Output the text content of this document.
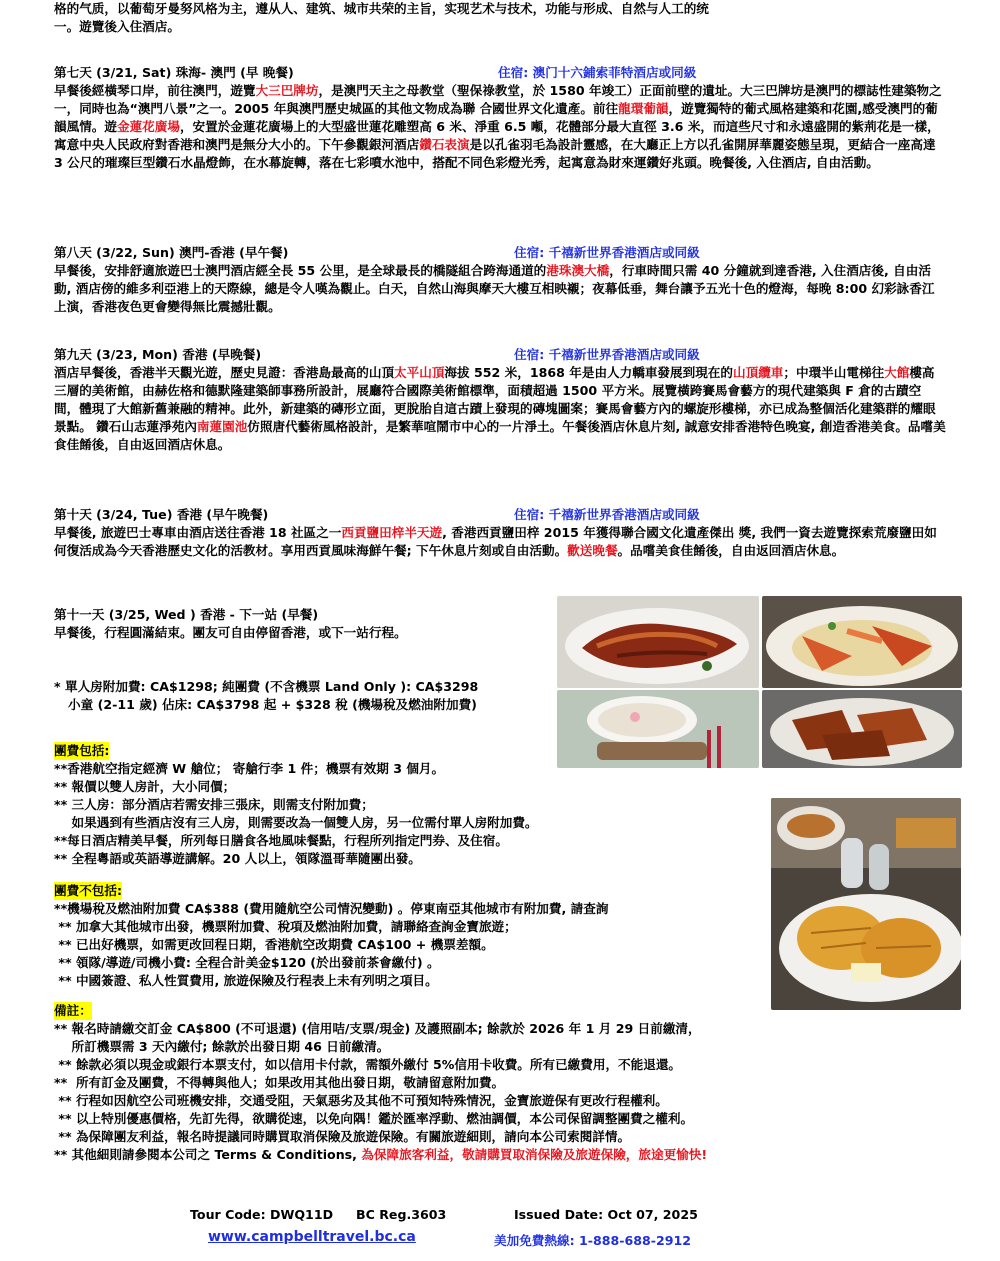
格的气质，以葡萄牙曼努风格为主，遵从人、建筑、城市共荣的主旨，实现艺术与技术，功能与形成、自然与人工的统

一。遊覽後入住酒店。

第七天 (3/21, Sat) 珠海- 澳門 (早 晚餐)	住宿: 澳门十六鋪索菲特酒店或同級

早餐後經橫琴口岸，前往澳門，遊覽大三巴牌坊，是澳門天主之母教堂（聖保祿教堂，於 1580 年竣工）正面前壁的遺址。大三巴牌坊是澳門的標誌性建築物之一，同時也為“澳門八景”之一。2005 年與澳門歷史城區的其他文物成為聯 合國世界文化遺產。前往龍環葡韻，遊覽獨特的葡式風格建築和花園,感受澳門的葡韻風情。遊金蓮花廣場，安置於金蓮花廣場上的大型盛世蓮花雕塑高 6 米、淨重 6.5 噸，花體部分最大直徑 3.6 米，而這些尺寸和永遠盛開的紫荊花是一樣，寓意中央人民政府對香港和澳門是無分大小的。下午參觀銀河酒店鑽石表演是以孔雀羽毛為設計靈感，在大廳正上方以孔雀開屏華麗姿態呈現，更結合一座高達 3 公尺的璀璨巨型鑽石水晶燈飾，在水幕旋轉，落在七彩噴水池中，搭配不同色彩燈光秀，起寓意為財來運鑽好兆頭。晚餐後, 入住酒店, 自由活動。

第八天 (3/22, Sun) 澳門-香港 (早午餐)	住宿: 千禧新世界香港酒店或同級

早餐後，安排舒適旅遊巴士澳門酒店經全長 55 公里，是全球最長的橋隧組合跨海通道的港珠澳大橋，行車時間只需 40 分鐘就到達香港, 入住酒店後, 自由活動, 酒店傍的維多利亞港上的天際線，總是令人嘆為觀止。白天，自然山海與摩天大樓互相映襯；夜幕低垂，舞台讓予五光十色的燈海，每晚 8:00 幻彩詠香江上演，香港夜色更會變得無比震撼壯觀。

第九天 (3/23, Mon) 香港 (早晚餐)	住宿: 千禧新世界香港酒店或同級

酒店早餐後，香港半天觀光遊，歷史見證：香港島最高的山頂太平山頂海拔 552 米，1868 年是由人力轎車發展到現在的山頂纜車；中環半山電梯往大館樓高三層的美術館，由赫佐格和德默隆建築師事務所設計，展廳符合國際美術館標準，面積超過 1500 平方米。展覽橫跨賽馬會藝方的現代建築與 F 倉的古蹟空間，體現了大館新舊兼融的精神。此外，新建築的磚形立面，更脫胎自這古蹟上發現的磚塊圖案；賽馬會藝方內的螺旋形樓梯，亦已成為整個活化建築群的耀眼景點。 鑽石山志蓮淨苑內南蓮園池仿照唐代藝術風格設計，是繁華喧鬧市中心的一片淨土。午餐後酒店休息片刻, 誠意安排香港特色晚宴, 創造香港美食。品嚐美食佳餚後，自由返回酒店休息。

第十天 (3/24, Tue) 香港 (早午晚餐)	住宿: 千禧新世界香港酒店或同級

早餐後, 旅遊巴士專車由酒店送往香港 18 社區之一西貢鹽田梓半天遊, 香港西貢鹽田梓 2015 年獲得聯合國文化遺產傑出 獎, 我們一資去遊覽探索荒廢鹽田如何復活成為今天香港歷史文化的活教材。享用西貢風味海鮮午餐; 下午休息片刻或自由活動。歡送晚餐。品嚐美食佳餚後，自由返回酒店休息。

第十一天 (3/25, Wed ) 香港 - 下一站 (早餐)

早餐後，行程圓滿結束。團友可自由停留香港，或下一站行程。

* 單人房附加費: CA$1298; 純團費 (不含機票 Land Only ): CA$3298

小童 (2-11 歲) 佔床: CA$3798 起 + $328 稅 (機場稅及燃油附加費)

團費包括:

**香港航空指定經濟 W 艙位； 寄艙行李 1 件；機票有效期 3 個月。

** 報價以雙人房計，大小同價；

** 三人房：部分酒店若需安排三張床，則需支付附加費；

如果遇到有些酒店沒有三人房，則需要改為一個雙人房，另一位需付單人房附加費。

**每日酒店精美早餐，所列每日膳食各地風味餐點，行程所列指定門券、及住宿。

** 全程粵語或英語導遊講解。20 人以上，領隊溫哥華隨團出發。

團費不包括:

**機場稅及燃油附加費 CA$388 (費用隨航空公司情況變動) 。停東南亞其他城市有附加費, 請查詢

** 加拿大其他城市出發，機票附加費、稅項及燃油附加費，請聯絡查詢金寶旅遊；

** 已出好機票，如需更改回程日期，香港航空改期費 CA$100 + 機票差額。

** 領隊/導遊/司機小費: 全程合計美金$120 (於出發前茶會繳付) 。

** 中國簽證、私人性質費用, 旅遊保險及行程表上未有列明之項目。

備註：

** 報名時請繳交訂金 CA$800 (不可退還) (信用咭/支票/現金) 及護照副本; 餘款於 2026 年 1 月 29 日前繳清，

所訂機票需 3 天內繳付; 餘款於出發日期 46 日前繳清。

** 餘款必須以現金或銀行本票支付，如以信用卡付款，需額外繳付 5%信用卡收費。所有已繳費用，不能退還。

**  所有訂金及團費，不得轉與他人；如果改用其他出發日期，敬請留意附加費。

** 行程如因航空公司班機安排，交通受阻，天氣惡劣及其他不可預知特殊情況，金寶旅遊保有更改行程權利。

** 以上特別優惠價格，先訂先得，欲購從速，以免向隅！鑑於匯率浮動、燃油調價，本公司保留調整團費之權利。

** 為保障團友利益，報名時提議同時購買取消保險及旅遊保險。有關旅遊細則，請向本公司索閱詳情。

** 其他細則請參閱本公司之 Terms & Conditions, 為保障旅客利益，敬請購買取消保險及旅遊保險，旅途更愉快!

Tour Code: DWQ11D BC Reg.3603	Issued Date: Oct 07, 2025
www.campbelltravel.bc.ca	美加免費熱線: 1-888-688-2912
